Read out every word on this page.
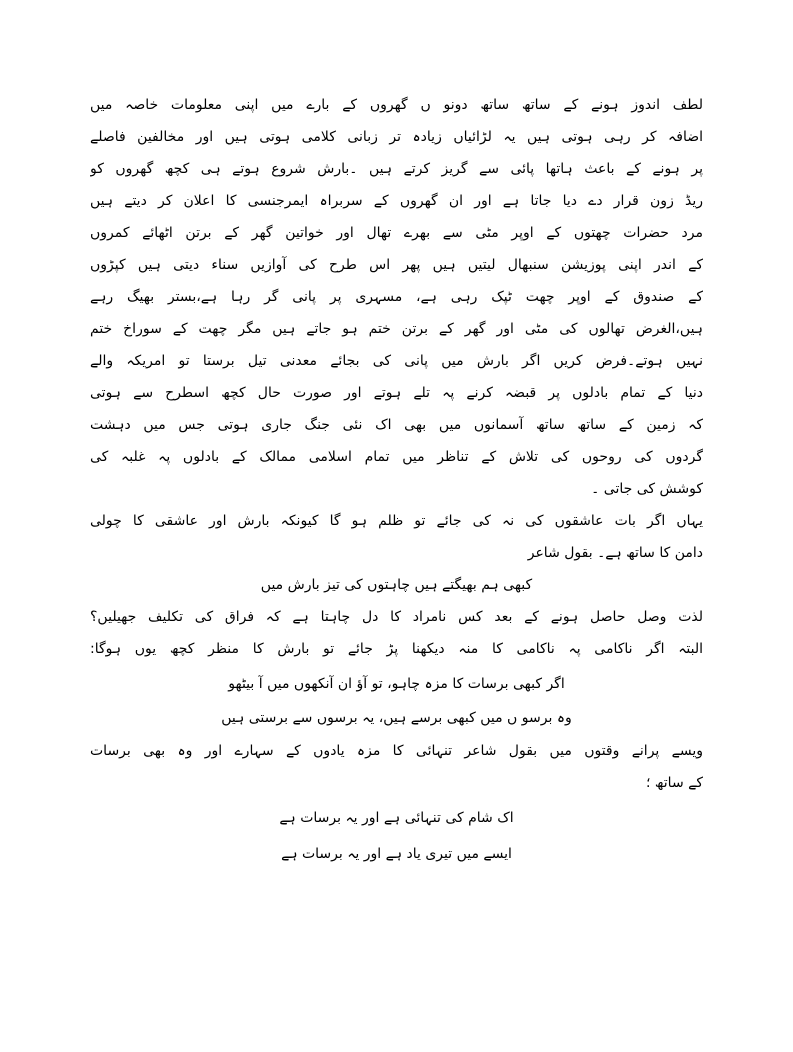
لطف اندوز ہونے کے ساتھ ساتھ دونو ں گھروں کے بارے میں اپنی معلومات خاصہ میں
اضافہ کر رہی ہوتی ہیں یہ لڑائیاں زیادہ تر زبانی کلامی ہوتی ہیں اور مخالفین فاصلے
پر ہونے کے باعث ہاتھا پائی سے گریز کرتے ہیں ۔بارش شروع ہوتے ہی کچھ گھروں کو
ریڈ زون قرار دے دیا جاتا ہے اور ان گھروں کے سربراہ ایمرجنسی کا اعلان کر دیتے ہیں
مرد حضرات چھتوں کے اوپر مٹی سے بھرے تھال اور خواتین گھر کے برتن اٹھائے کمروں
کے اندر اپنی پوزیشن سنبھال لیتیں ہیں پھر اس طرح کی آوازیں سناء دیتی ہیں کپڑوں
کے صندوق کے اوپر چھت ٹپک رہی ہے، مسہری پر پانی گر رہا ہے،بستر بھیگ رہے
ہیں،الغرض تھالوں کی مٹی اور گھر کے برتن ختم ہو جاتے ہیں مگر چھت کے سوراخ ختم
نہیں ہوتے۔فرض کریں اگر بارش میں پانی کی بجائے معدنی تیل برستا تو امریکہ والے
دنیا کے تمام بادلوں پر قبضہ کرنے پہ تلے ہوتے اور صورت حال کچھ اسطرح سے ہوتی
کہ زمین کے ساتھ ساتھ آسمانوں میں بھی اک نئی جنگ جاری ہوتی جس میں دہشت
گردوں کی روحوں کی تلاش کے تناظر میں تمام اسلامی ممالک کے بادلوں پہ غلبہ کی
کوشش کی جاتی ۔
یہاں اگر بات عاشقوں کی نہ کی جائے تو ظلم ہو گا کیونکہ بارش اور عاشقی کا چولی
دامن کا ساتھ ہے۔ بقول شاعر
کبھی ہم بھیگتے ہیں چاہتوں کی تیز بارش میں
لذت وصل حاصل ہونے کے بعد کس نامراد کا دل چاہتا ہے کہ فراق کی تکلیف جھیلیں؟
البتہ اگر ناکامی پہ ناکامی کا منہ دیکھنا پڑ جائے تو بارش کا منظر کچھ یوں ہوگا:
اگر کبھی برسات کا مزہ چاہو، تو آؤ ان آنکھوں میں آ بیٹھو
وہ برسو ں میں کبھی برسے ہیں، یہ برسوں سے برستی ہیں
ویسے پرانے وقتوں میں بقول شاعر تنہائی کا مزہ یادوں کے سہارے اور وہ بھی برسات
کے ساتھ ؛
اک شام کی تنہائی ہے اور یہ برسات ہے
ایسے میں تیری یاد ہے اور یہ برسات ہے
